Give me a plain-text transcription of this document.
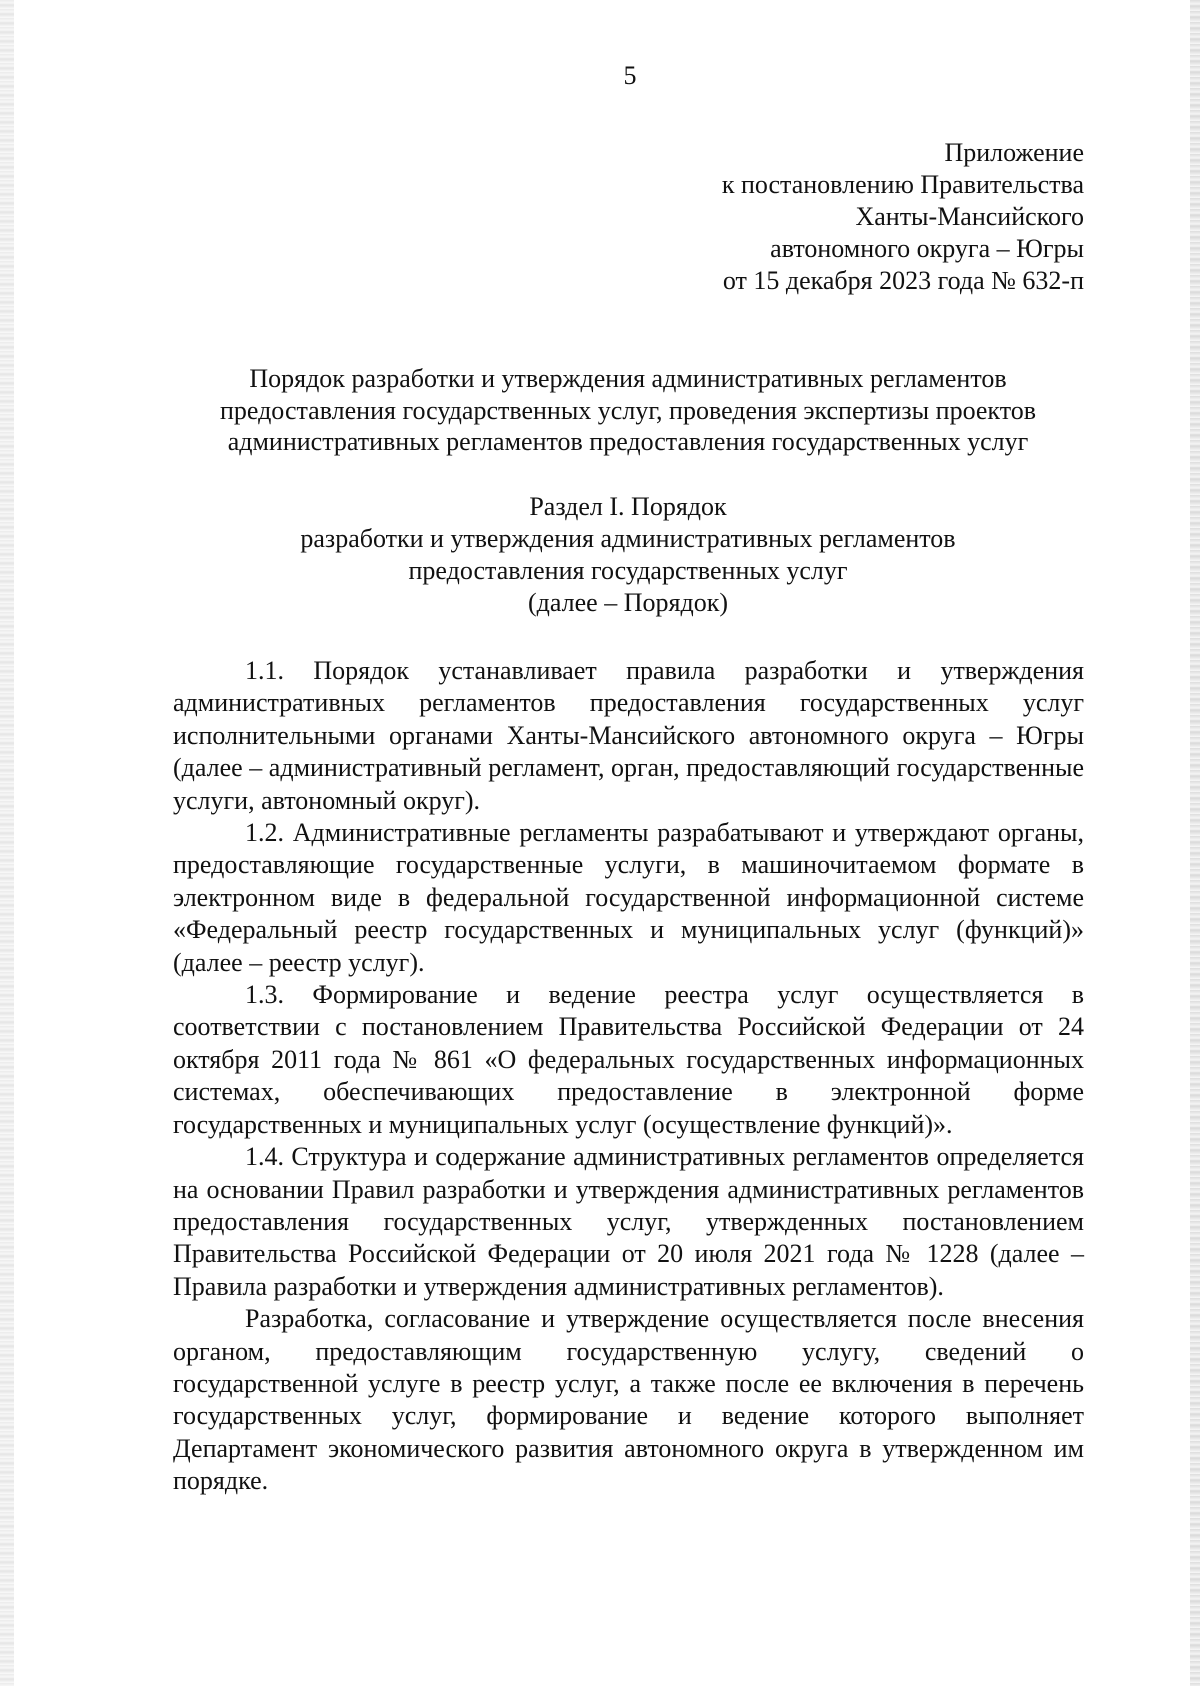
5
Приложение
к постановлению Правительства
Ханты-Мансийского
автономного округа – Югры
от 15 декабря 2023 года № 632-п
Порядок разработки и утверждения административных регламентов
предоставления государственных услуг, проведения экспертизы проектов
административных регламентов предоставления государственных услуг
Раздел I. Порядок
разработки и утверждения административных регламентов
предоставления государственных услуг
(далее – Порядок)

1.1. Порядок устанавливает правила разработки и утверждения административных регламентов предоставления государственных услуг исполнительными органами Ханты-Мансийского автономного округа – Югры (далее – административный регламент, орган, предоставляющий государственные услуги, автономный округ).

1.2. Административные регламенты разрабатывают и утверждают органы, предоставляющие государственные услуги, в машиночитаемом формате в электронном виде в федеральной государственной информационной системе «Федеральный реестр государственных и муниципальных услуг (функций)» (далее – реестр услуг).

1.3. Формирование и ведение реестра услуг осуществляется в соответствии с постановлением Правительства Российской Федерации от 24 октября 2011 года № 861 «О федеральных государственных информационных системах, обеспечивающих предоставление в электронной форме государственных и муниципальных услуг (осуществление функций)».

1.4. Структура и содержание административных регламентов определяется на основании Правил разработки и утверждения административных регламентов предоставления государственных услуг, утвержденных постановлением Правительства Российской Федерации от 20 июля 2021 года № 1228 (далее – Правила разработки и утверждения административных регламентов).

Разработка, согласование и утверждение осуществляется после внесения органом, предоставляющим государственную услугу, сведений о государственной услуге в реестр услуг, а также после ее включения в перечень государственных услуг, формирование и ведение которого выполняет Департамент экономического развития автономного округа в утвержденном им порядке.
